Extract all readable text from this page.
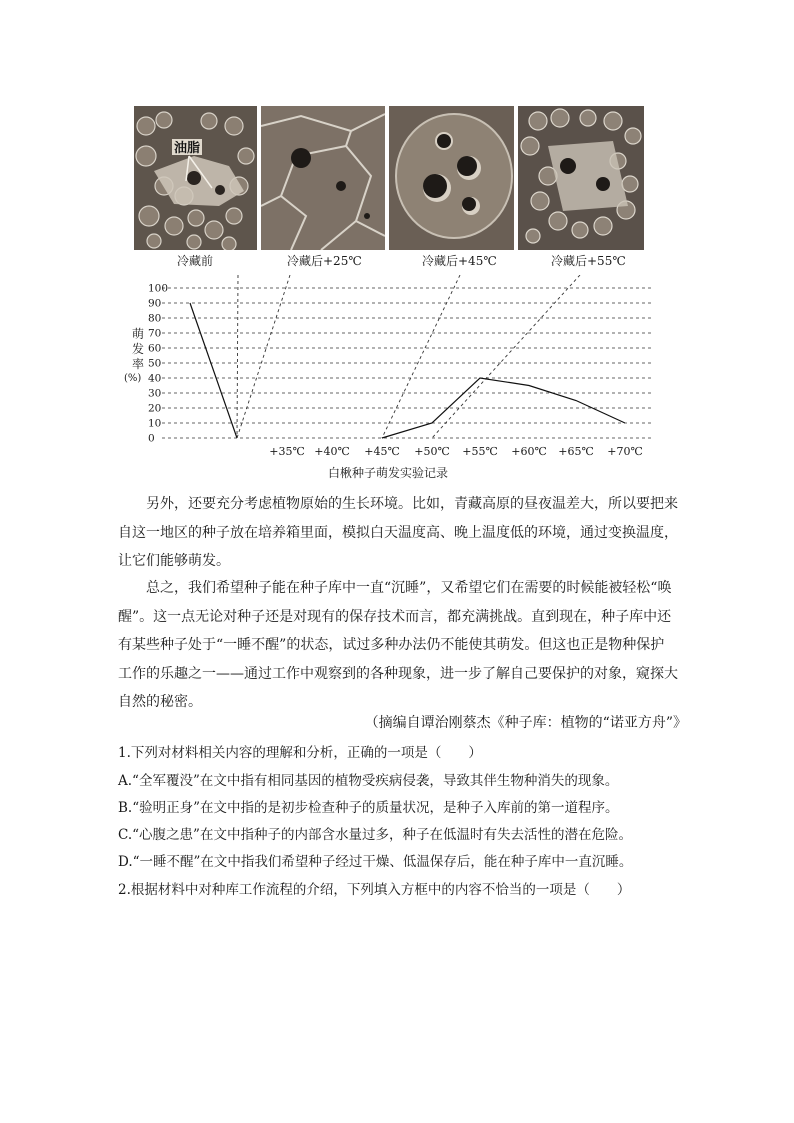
油脂
冷藏前	冷藏后+25℃	冷藏后+45℃	冷藏后+55℃
100
90
80
70
60
50
40
30
20
10
0
萌
发
率
(%)
+35℃ +40℃ +45℃ +50℃ +55℃ +60℃ +65℃ +70℃
白楸种子萌发实验记录

另外，还要充分考虑植物原始的生长环境。比如，青藏高原的昼夜温差大，所以要把来自这一地区的种子放在培养箱里面，模拟白天温度高、晚上温度低的环境，通过变换温度，让它们能够萌发。

总之，我们希望种子能在种子库中一直“沉睡”，又希望它们在需要的时候能被轻松“唤醒”。这一点无论对种子还是对现有的保存技术而言，都充满挑战。直到现在，种子库中还有某些种子处于“一睡不醒”的状态，试过多种办法仍不能使其萌发。但这也正是物种保护工作的乐趣之一——通过工作中观察到的各种现象，进一步了解自己要保护的对象，窥探大自然的秘密。

（摘编自谭治刚蔡杰《种子库：植物的“诺亚方舟”》
1.下列对材料相关内容的理解和分析，正确的一项是（　　）
A.“全军覆没”在文中指有相同基因的植物受疾病侵袭，导致其伴生物种消失的现象。
B.“验明正身”在文中指的是初步检查种子的质量状况，是种子入库前的第一道程序。
C.“心腹之患”在文中指种子的内部含水量过多，种子在低温时有失去活性的潜在危险。
D.“一睡不醒”在文中指我们希望种子经过干燥、低温保存后，能在种子库中一直沉睡。
2.根据材料中对种库工作流程的介绍，下列填入方框中的内容不恰当的一项是（　　）
